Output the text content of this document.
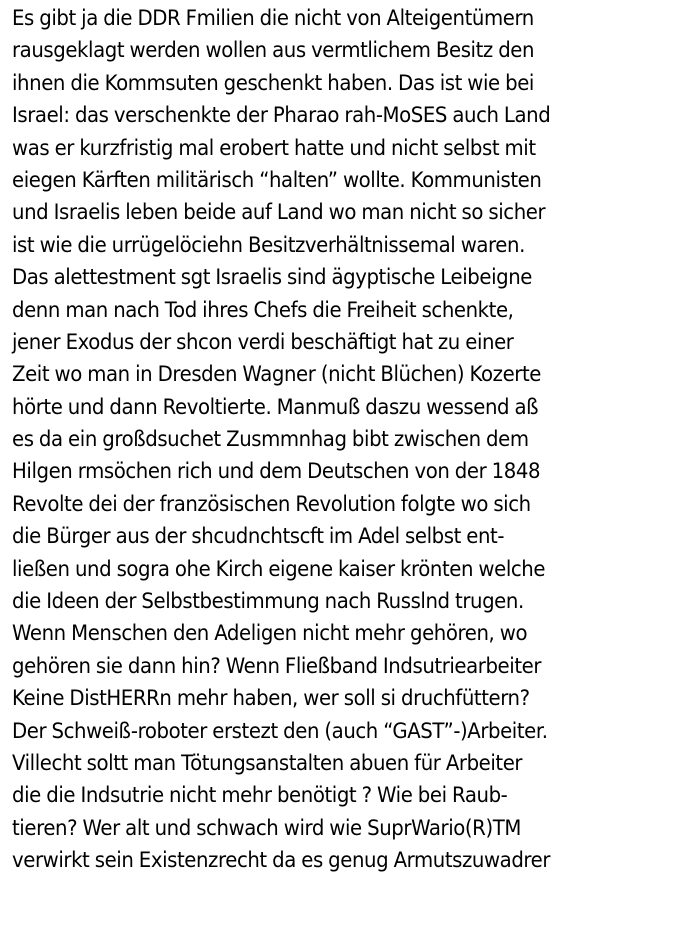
Es gibt ja die DDR Fmilien die nicht von Alteigentümern
rausgeklagt werden wollen aus vermtlichem Besitz den
ihnen die Kommsuten geschenkt haben. Das ist wie bei
Israel: das verschenkte der Pharao rah-MoSES auch Land
was er kurzfristig mal erobert hatte und nicht selbst mit
eiegen Kärften militärisch “halten” wollte. Kommunisten
und Israelis leben beide auf Land wo man nicht so sicher
ist wie die urrügelöciehn Besitzverhältnissemal waren.
Das alettestment sgt Israelis sind ägyptische Leibeigne
denn man nach Tod ihres Chefs die Freiheit schenkte,
jener Exodus der shcon verdi beschäftigt hat zu einer
Zeit wo man in Dresden Wagner (nicht Blüchen) Kozerte
hörte und dann Revoltierte. Manmuß daszu wessend aß
es da ein großdsuchet Zusmmnhag bibt zwischen dem
Hilgen rmsöchen rich und dem Deutschen von der 1848
Revolte dei der französischen Revolution folgte wo sich
die Bürger aus der shcudnchtscft im Adel selbst ent-
ließen und sogra ohe Kirch eigene kaiser krönten welche
die Ideen der Selbstbestimmung nach Russlnd trugen.
Wenn Menschen den Adeligen nicht mehr gehören, wo
gehören sie dann hin? Wenn Fließband Indsutriearbeiter
Keine DistHERRn mehr haben, wer soll si druchfüttern?
Der Schweiß-roboter erstezt den (auch “GAST”-)Arbeiter.
Villecht soltt man Tötungsanstalten abuen für Arbeiter
die die Indsutrie nicht mehr benötigt ? Wie bei Raub-
tieren? Wer alt und schwach wird wie SuprWario(R)TM
verwirkt sein Existenzrecht da es genug Armutszuwadrer
